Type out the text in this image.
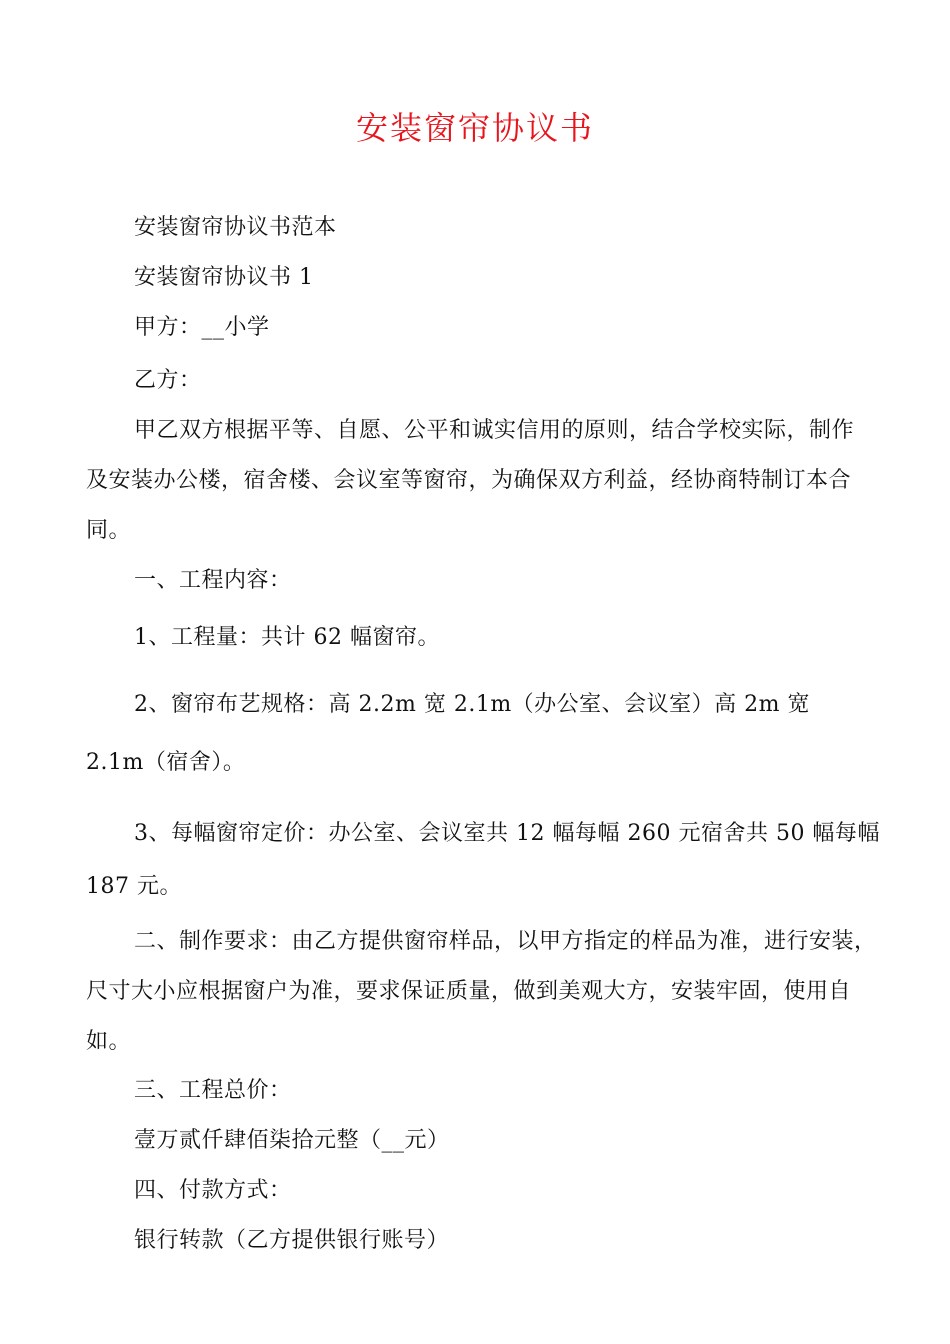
安装窗帘协议书
安装窗帘协议书范本
安装窗帘协议书 1
甲方：__小学
乙方：
甲乙双方根据平等、自愿、公平和诚实信用的原则，结合学校实际，制作
及安装办公楼，宿舍楼、会议室等窗帘，为确保双方利益，经协商特制订本合
同。
一、工程内容：
1、工程量：共计 62 幅窗帘。
2、窗帘布艺规格：高 2.2m 宽 2.1m（办公室、会议室）高 2m 宽
2.1m（宿舍）。
3、每幅窗帘定价：办公室、会议室共 12 幅每幅 260 元宿舍共 50 幅每幅
187 元。
二、制作要求：由乙方提供窗帘样品，以甲方指定的样品为准，进行安装，
尺寸大小应根据窗户为准，要求保证质量，做到美观大方，安装牢固，使用自
如。
三、工程总价：
壹万贰仟肆佰柒拾元整（__元）
四、付款方式：
银行转款（乙方提供银行账号）
